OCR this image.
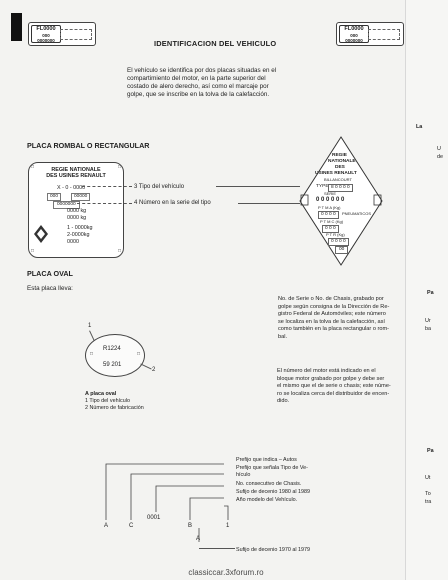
FL0000
000
0000000
FL0000
000
0000000
IDENTIFICACION DEL VEHICULO
El vehículo se identifica por dos placas situadas en el
compartimiento del motor, en la parte superior del
costado de alero derecho, así como el marcaje por
golpe, que se inscribe en la tolva de la calefacción.
PLACA ROMBAL O RECTANGULAR
□	□
REGIE NATIONALE
DES USINES RENAULT
X - 0 - 0000
000	00000
0000000
0000 kg
0000 kg
1 - 0000kg
2-0000kg
0000
□	□
3 Tipo del vehículo
4 Número en la serie del tipo
REGIE
NATIONALE
DES
USINES RENAULT
BILLANCOURT
TYPE 8 0 0 0 0
SERIE
0 0 0 0 0 0
P T M A (Kg)
0 0 0 0	PNEUMATICOS
P T M C (Kg)
0 0 0
P T R (Kg)
0 0 0 0
00
PLACA OVAL
Esta placa lleva:
No. de Serie o No. de Chasis, grabado por
golpe según consigna de la Dirección de Re-
gistro Federal de Automóviles; este número
se localiza en la tolva de la calefacción, así
como también en la placa rectangular o rom-
bal.
1
□	□
R1224
59 201
2
A placa oval
1 Tipo del vehículo
2 Número de fabricación
El número del motor está indicado en el
bloque motor grabado por golpe y debe ser
el mismo que el de serie o chasis; este núme-
ro se localiza cerca del distribuidor de encen-
dido.
Prefijo que indica – Autos
Prefijo que señala Tipo de Ve-
hículo
No. consecutivo de Chasis.
Sufijo de decenio 1980 al 1989
Año modelo del Vehículo.
Sufijo de decenio 1970 al 1979
A	C
0001
B	1
A
La
U
de
Pa
Ur
ba
Pa
Ut
To
tra
classiccar.3xforum.ro
